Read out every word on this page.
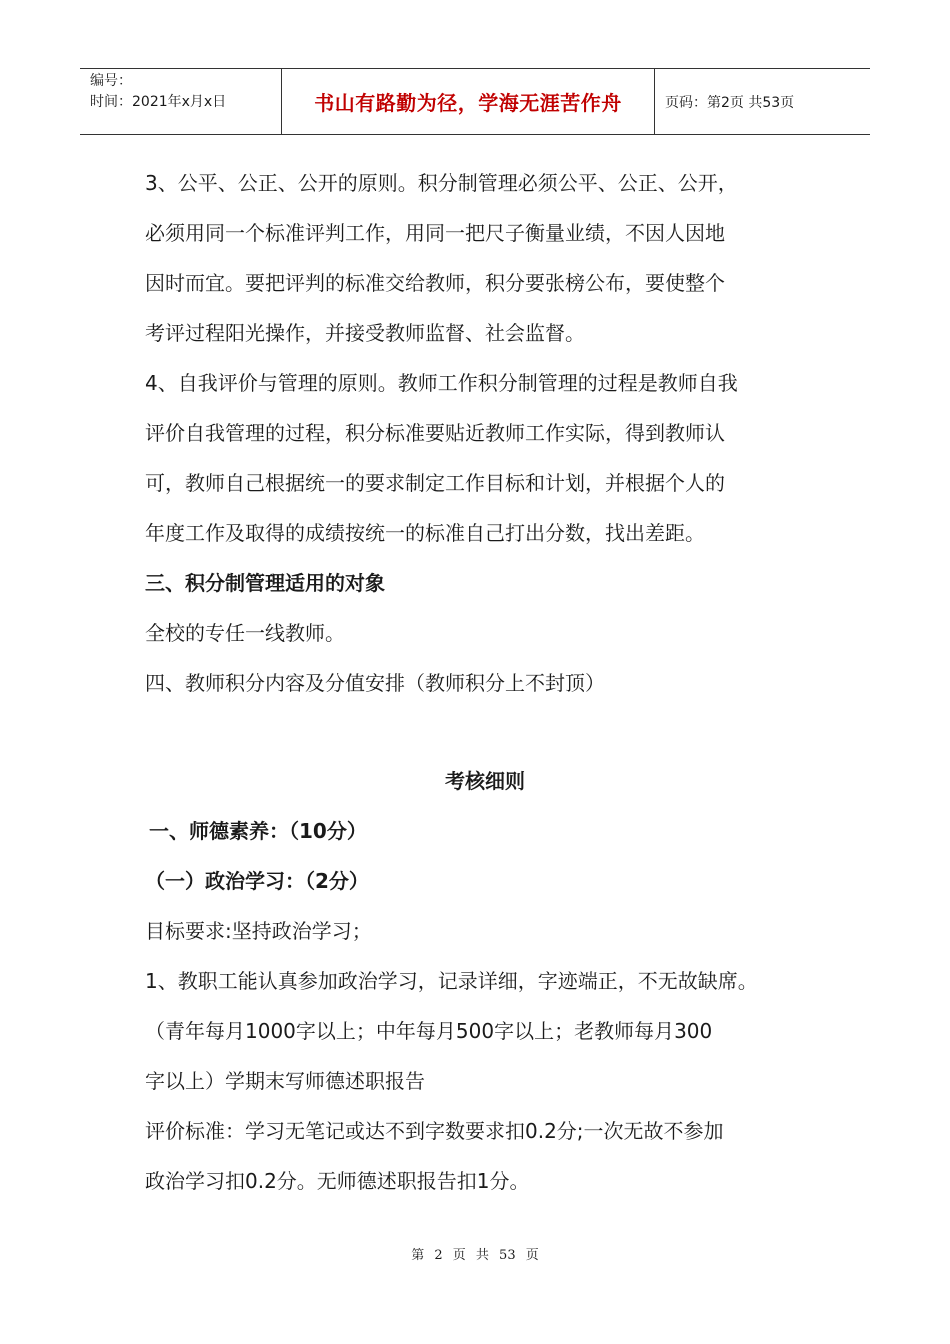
编号：
时间：2021年x月x日	书山有路勤为径，学海无涯苦作舟	页码：第2页 共53页
3、公平、公正、公开的原则。积分制管理必须公平、公正、公开，
必须用同一个标准评判工作，用同一把尺子衡量业绩，不因人因地
因时而宜。要把评判的标准交给教师，积分要张榜公布，要使整个
考评过程阳光操作，并接受教师监督、社会监督。
4、自我评价与管理的原则。教师工作积分制管理的过程是教师自我
评价自我管理的过程，积分标准要贴近教师工作实际，得到教师认
可，教师自己根据统一的要求制定工作目标和计划，并根据个人的
年度工作及取得的成绩按统一的标准自己打出分数，找出差距。
三、积分制管理适用的对象
全校的专任一线教师。
四、教师积分内容及分值安排（教师积分上不封顶）
考核细则
一、师德素养：（10分）
（一）政治学习：（2分）
目标要求:坚持政治学习；
1、教职工能认真参加政治学习，记录详细，字迹端正，不无故缺席。
（青年每月1000字以上；中年每月500字以上；老教师每月300
字以上）学期末写师德述职报告
评价标准：学习无笔记或达不到字数要求扣0.2分;一次无故不参加
政治学习扣0.2分。无师德述职报告扣1分。
第 2 页 共 53 页
